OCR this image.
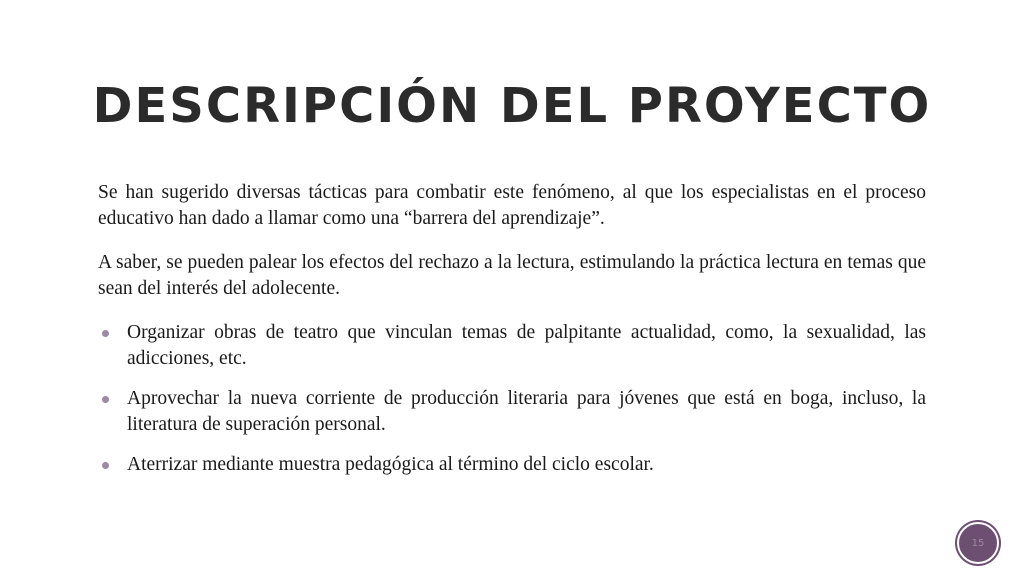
DESCRIPCIÓN DEL PROYECTO

Se han sugerido diversas tácticas para combatir este fenómeno, al que los especialistas en el proceso educativo han dado a llamar como una “barrera del aprendizaje”.

A saber, se pueden palear los efectos del rechazo a la lectura, estimulando la práctica lectura en temas que sean del interés del adolecente.

Organizar obras de teatro que vinculan temas de palpitante actualidad, como, la sexualidad, las adicciones, etc.
Aprovechar la nueva corriente de producción literaria para jóvenes que está en boga, incluso, la literatura de superación personal.
Aterrizar mediante muestra pedagógica al término del ciclo escolar.
15
